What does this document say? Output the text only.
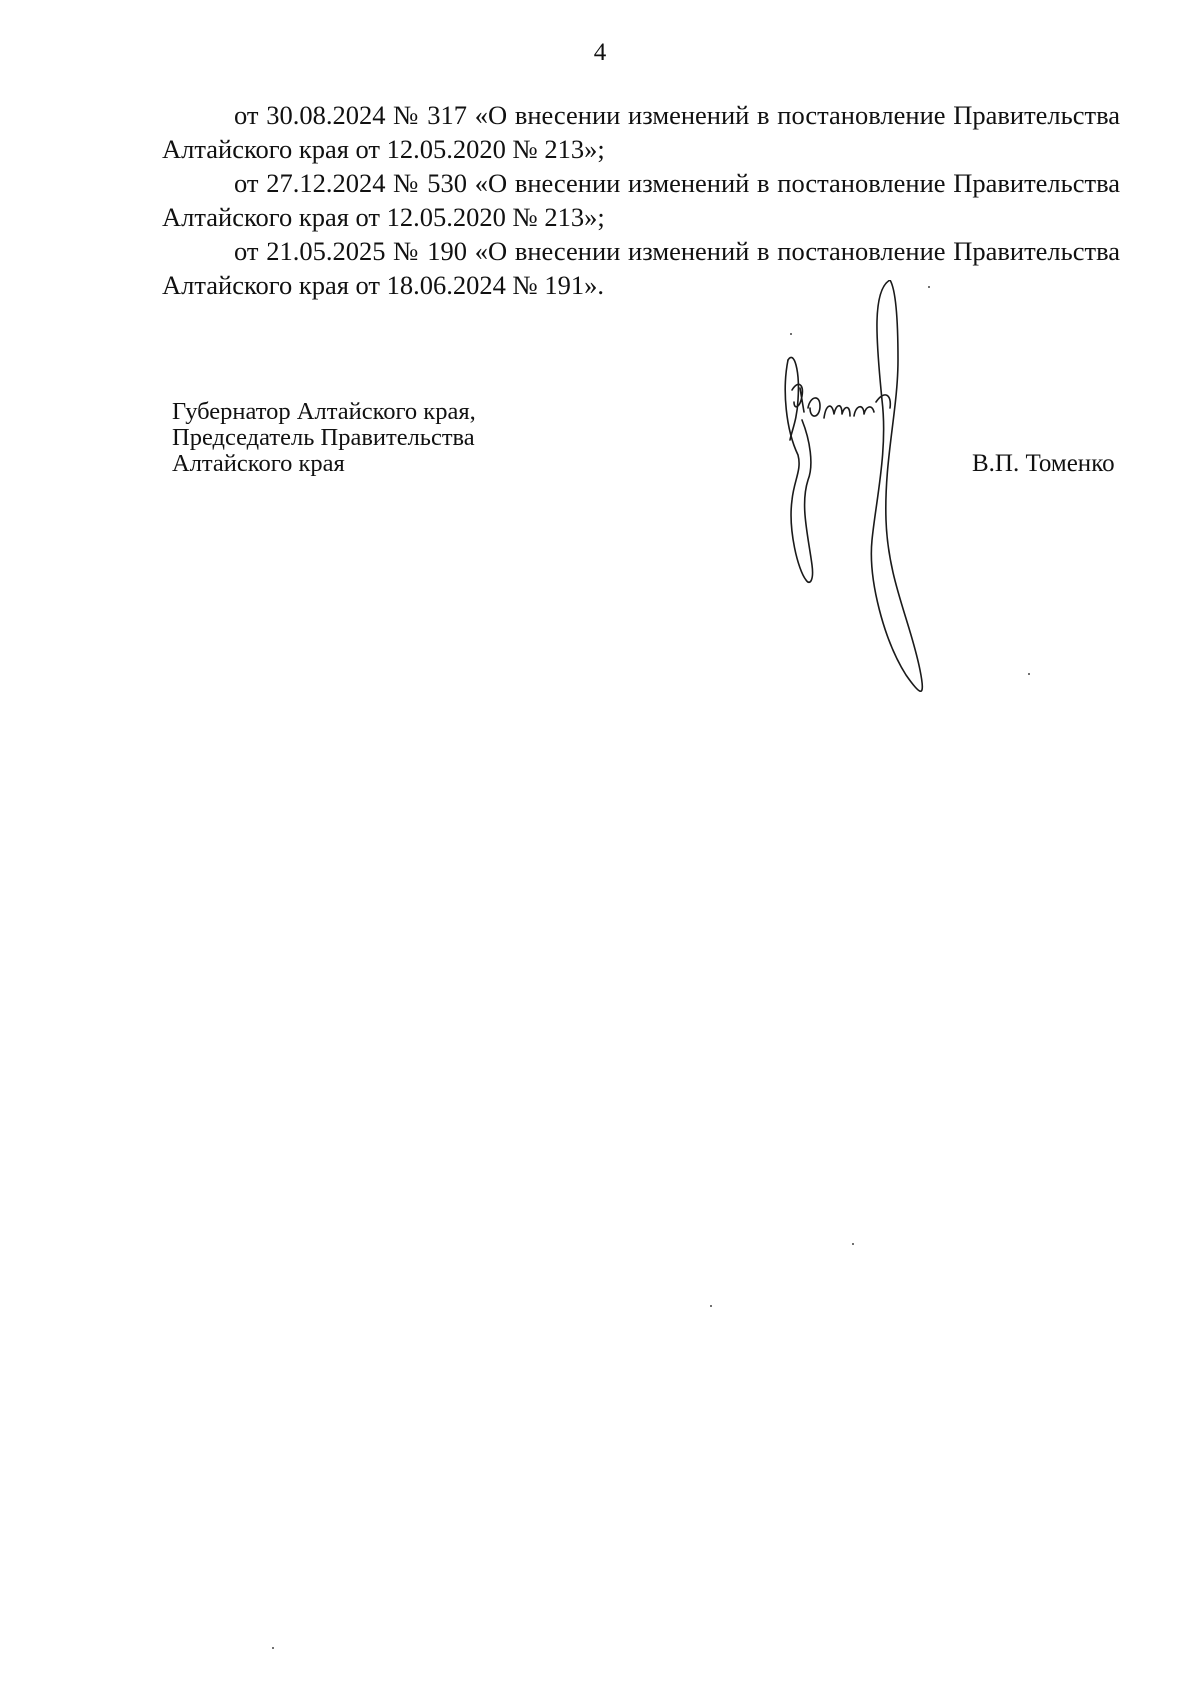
4

от 30.08.2024 № 317 «О внесении изменений в постановление Правительства Алтайского края от 12.05.2020 № 213»;

от 27.12.2024 № 530 «О внесении изменений в постановление Правительства Алтайского края от 12.05.2020 № 213»;

от 21.05.2025 № 190 «О внесении изменений в постановление Правительства Алтайского края от 18.06.2024 № 191».

Губернатор Алтайского края,
Председатель Правительства
Алтайского края	В.П. Томенко
